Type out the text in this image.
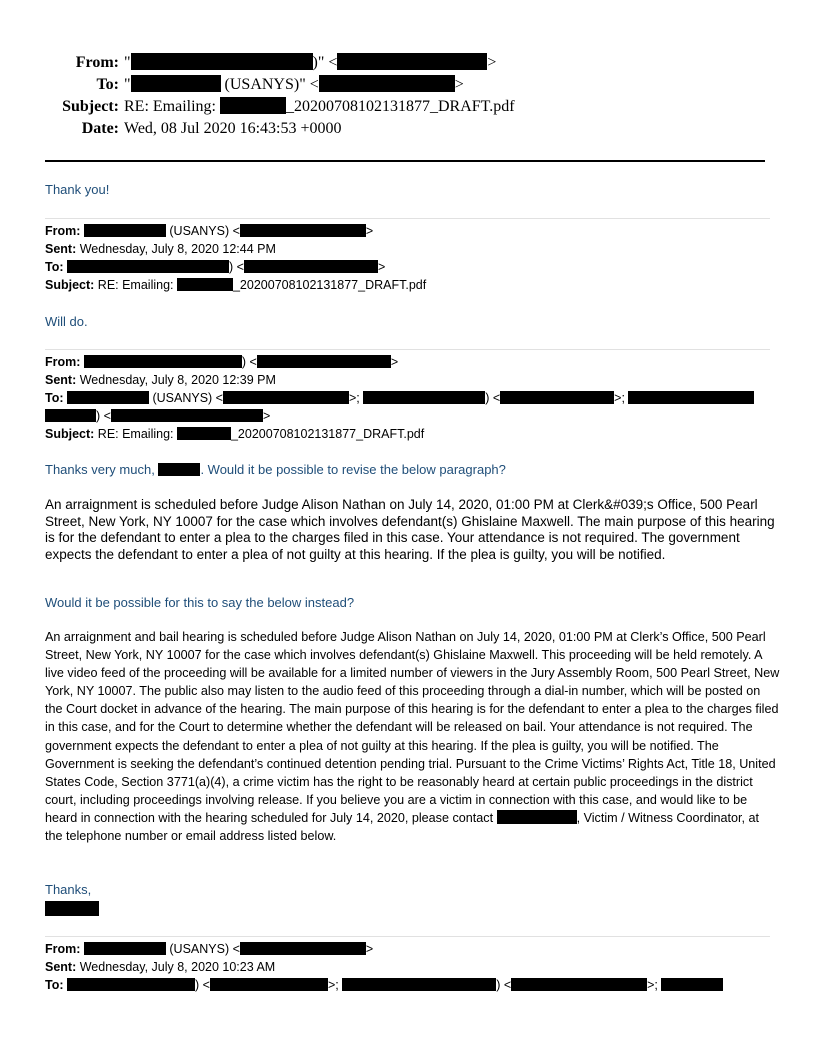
From: "	)" <	>
To: "	(USANYS)" <	>
Subject: RE: Emailing:	_20200708102131877_DRAFT.pdf
Date: Wed, 08 Jul 2020 16:43:53 +0000
Thank you!
From:	(USANYS) <	>
Sent: Wednesday, July 8, 2020 12:44 PM
To:	) <	>
Subject: RE: Emailing:	_20200708102131877_DRAFT.pdf
Will do.
From:	) <	>
Sent: Wednesday, July 8, 2020 12:39 PM
To:	(USANYS) <	>;	) <	>;
) <	>
Subject: RE: Emailing:	_20200708102131877_DRAFT.pdf
Thanks very much,	. Would it be possible to revise the below paragraph?
An arraignment is scheduled before Judge Alison Nathan on July 14, 2020, 01:00 PM at Clerk&#039;s Office, 500 Pearl Street, New York, NY 10007 for the case which involves defendant(s) Ghislaine Maxwell. The main purpose of this hearing is for the defendant to enter a plea to the charges filed in this case. Your attendance is not required. The government expects the defendant to enter a plea of not guilty at this hearing. If the plea is guilty, you will be notified.
Would it be possible for this to say the below instead?
An arraignment and bail hearing is scheduled before Judge Alison Nathan on July 14, 2020, 01:00 PM at Clerk’s Office, 500 Pearl Street, New York, NY 10007 for the case which involves defendant(s) Ghislaine Maxwell. This proceeding will be held remotely. A live video feed of the proceeding will be available for a limited number of viewers in the Jury Assembly Room, 500 Pearl Street, New York, NY 10007. The public also may listen to the audio feed of this proceeding through a dial-in number, which will be posted on the Court docket in advance of the hearing. The main purpose of this hearing is for the defendant to enter a plea to the charges filed in this case, and for the Court to determine whether the defendant will be released on bail. Your attendance is not required. The government expects the defendant to enter a plea of not guilty at this hearing. If the plea is guilty, you will be notified. The Government is seeking the defendant’s continued detention pending trial. Pursuant to the Crime Victims’ Rights Act, Title 18, United States Code, Section 3771(a)(4), a crime victim has the right to be reasonably heard at certain public proceedings in the district court, including proceedings involving release. If you believe you are a victim in connection with this case, and would like to be heard in connection with the hearing scheduled for July 14, 2020, please contact	, Victim / Witness Coordinator, at the telephone number or email address listed below.
Thanks,
From:	(USANYS) <	>
Sent: Wednesday, July 8, 2020 10:23 AM
To:	) <	>;	) <	>;
